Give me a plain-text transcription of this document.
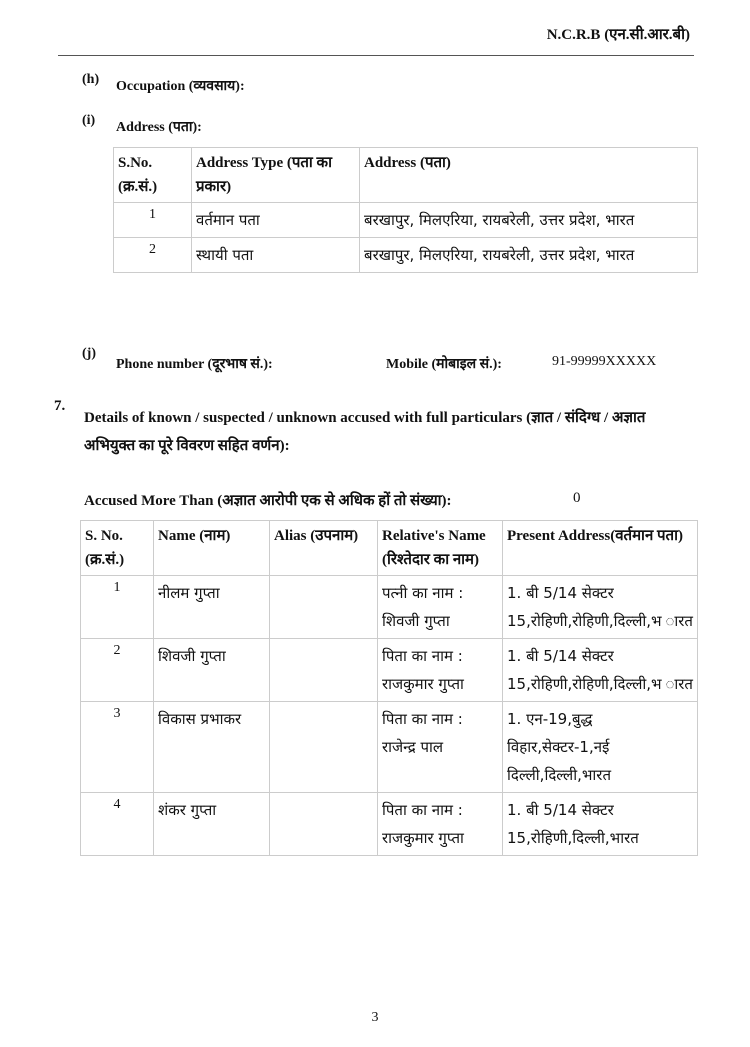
N.C.R.B (एन.सी.आर.बी)
(h) Occupation (व्यवसाय):
(i) Address (पता):
S.No. (क्र.सं.)	Address Type (पता का प्रकार)	Address (पता)
1	वर्तमान पता	बरखापुर, मिलएरिया, रायबरेली, उत्तर प्रदेश, भारत
2	स्थायी पता	बरखापुर, मिलएरिया, रायबरेली, उत्तर प्रदेश, भारत
(j)
Phone number (दूरभाष सं.):	Mobile (मोबाइल सं.):	91-99999XXXXX
7.
Details of known / suspected / unknown accused with full particulars (ज्ञात / संदिग्ध / अज्ञात अभियुक्त का पूरे विवरण सहित वर्णन):
Accused More Than (अज्ञात आरोपी एक से अधिक हों तो संख्या):	0
S. No. (क्र.सं.)	Name (नाम)	Alias (उपनाम)	Relative's Name (रिश्तेदार का नाम)	Present Address(वर्तमान पता)
1	नीलम गुप्ता		पत्नी का नाम : शिवजी गुप्ता	1. बी 5/14 सेक्टर 15,रोहिणी,रोहिणी,दिल्ली,भ ारत
2	शिवजी गुप्ता		पिता का नाम : राजकुमार गुप्ता	1. बी 5/14 सेक्टर 15,रोहिणी,रोहिणी,दिल्ली,भ ारत
3	विकास प्रभाकर		पिता का नाम : राजेन्द्र पाल	1. एन-19,बुद्ध विहार,सेक्टर-1,नई दिल्ली,दिल्ली,भारत
4	शंकर गुप्ता		पिता का नाम : राजकुमार गुप्ता	1. बी 5/14 सेक्टर 15,रोहिणी,दिल्ली,भारत
3
